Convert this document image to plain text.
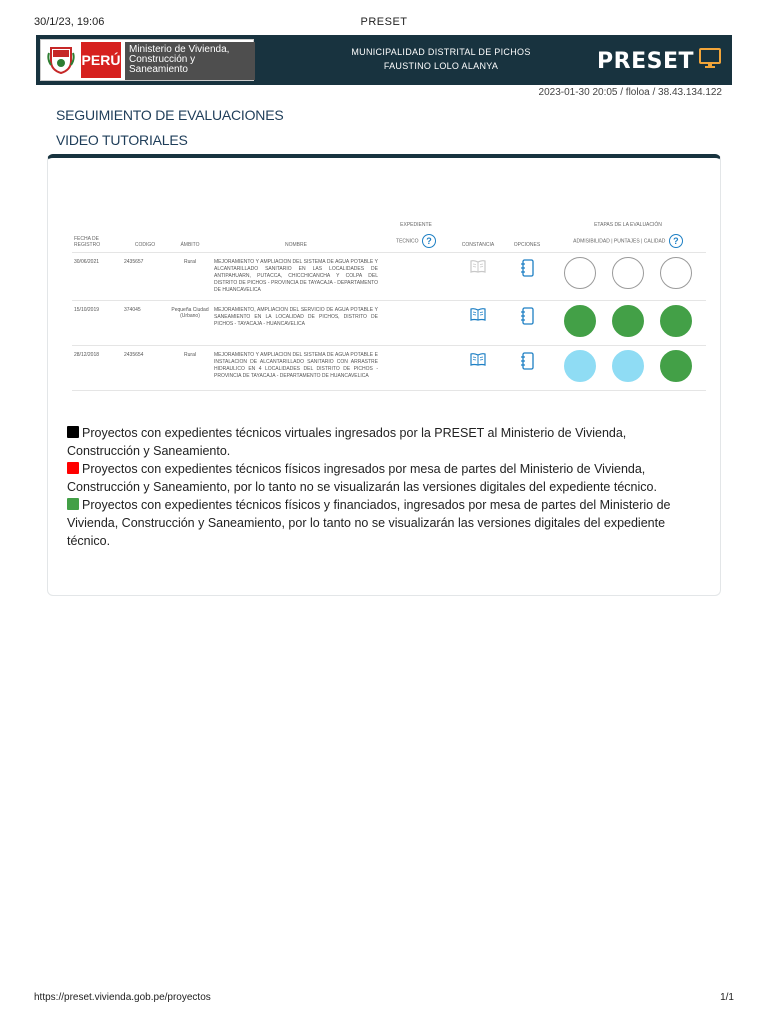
30/1/23, 19:06	PRESET
PERÚ
Ministerio de Vivienda, Construcción y Saneamiento
MUNICIPALIDAD DISTRITAL DE PICHOS
FAUSTINO LOLO ALANYA	PRESET
2023-01-30 20:05 / floloa / 38.43.134.122
SEGUIMIENTO DE EVALUACIONES
VIDEO TUTORIALES
FECHA DE REGISTRO	CODIGO	ÁMBITO	NOMBRE	EXPEDIENTE
TECNICO ?	CONSTANCIA	OPCIONES	ETAPAS DE LA EVALUACIÓN
ADMISIBILIDAD | PUNTAJES | CALIDAD ?
30/06/2021	2435657	Rural	MEJORAMIENTO Y AMPLIACION DEL SISTEMA DE AGUA POTABLE Y ALCANTARILLADO SANITARIO EN LAS LOCALIDADES DE ANTIPAHUARN, PUTACCA, CHICCHICANCHA Y COLPA DEL DISTRITO DE PICHOS - PROVINCIA DE TAYACAJA - DEPARTAMENTO DE HUANCAVELICA				
15/10/2019	374045	Pequeña Ciudad (Urbano)	MEJORAMIENTO, AMPLIACION DEL SERVICIO DE AGUA POTABLE Y SANEAMIENTO EN LA LOCALIDAD DE PICHOS, DISTRITO DE PICHOS - TAYACAJA - HUANCAVELICA				
28/12/2018	2435654	Rural	MEJORAMIENTO Y AMPLIACION DEL SISTEMA DE AGUA POTABLE E INSTALACION DE ALCANTARILLADO SANITARIO CON ARRASTRE HIDRAULICO EN 4 LOCALIDADES DEL DISTRITO DE PICHOS - PROVINCIA DE TAYACAJA - DEPARTAMENTO DE HUANCAVELICA				

Proyectos con expedientes técnicos virtuales ingresados por la PRESET al Ministerio de Vivienda, Construcción y Saneamiento.

Proyectos con expedientes técnicos físicos ingresados por mesa de partes del Ministerio de Vivienda, Construcción y Saneamiento, por lo tanto no se visualizarán las versiones digitales del expediente técnico.

Proyectos con expedientes técnicos físicos y financiados, ingresados por mesa de partes del Ministerio de Vivienda, Construcción y Saneamiento, por lo tanto no se visualizarán las versiones digitales del expediente técnico.

https://preset.vivienda.gob.pe/proyectos	1/1
